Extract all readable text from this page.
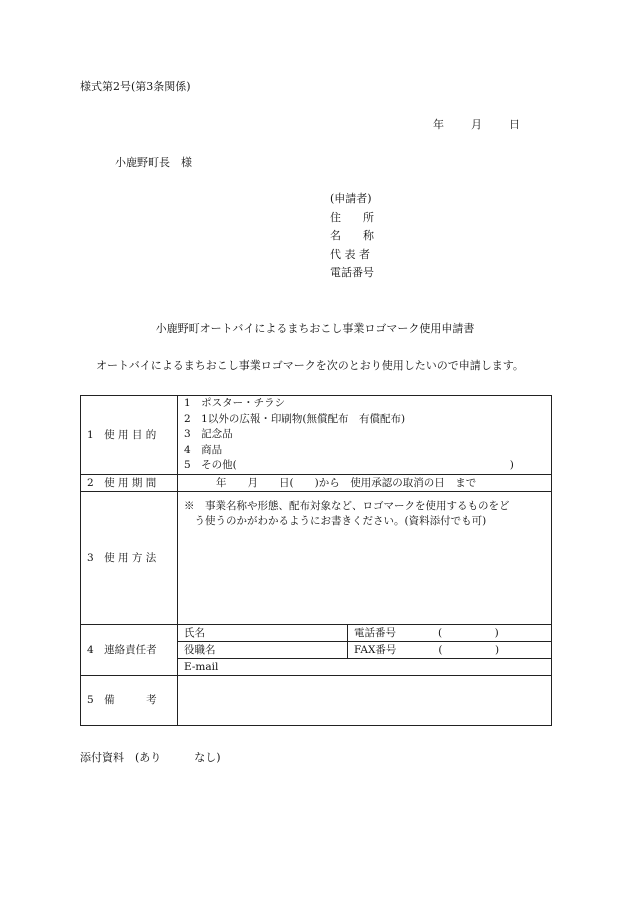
様式第2号(第3条関係)
年 月 日
小鹿野町長　様
(申請者)
住　　所
名　　称
代 表 者
電話番号
小鹿野町オートバイによるまちおこし事業ロゴマーク使用申請書
オートバイによるまちおこし事業ロゴマークを次のとおり使用したいので申請します。
1　使 用 目 的	1　ポスター・チラシ
2　1以外の広報・印刷物(無償配布　有償配布)
3　記念品
4　商品
5　その他(　　　　　　　　　　　　　　　　　　　　　　　　　　)	

2　使 用 期 間	年　　月　　日(　　)から　使用承認の取消の日　まで	
3　使 用 方 法	※　事業名称や形態、配布対象など、ロゴマークを使用するものをど
　う使うのかがわかるようにお書きください。(資料添付でも可)	

4　連絡責任者	氏名	電話番号　　　　(　　　　　)
	役職名	FAX番号　　　　(　　　　　)
	E-mail	
5　備　　　考		
添付資料　(あり　　　なし)
